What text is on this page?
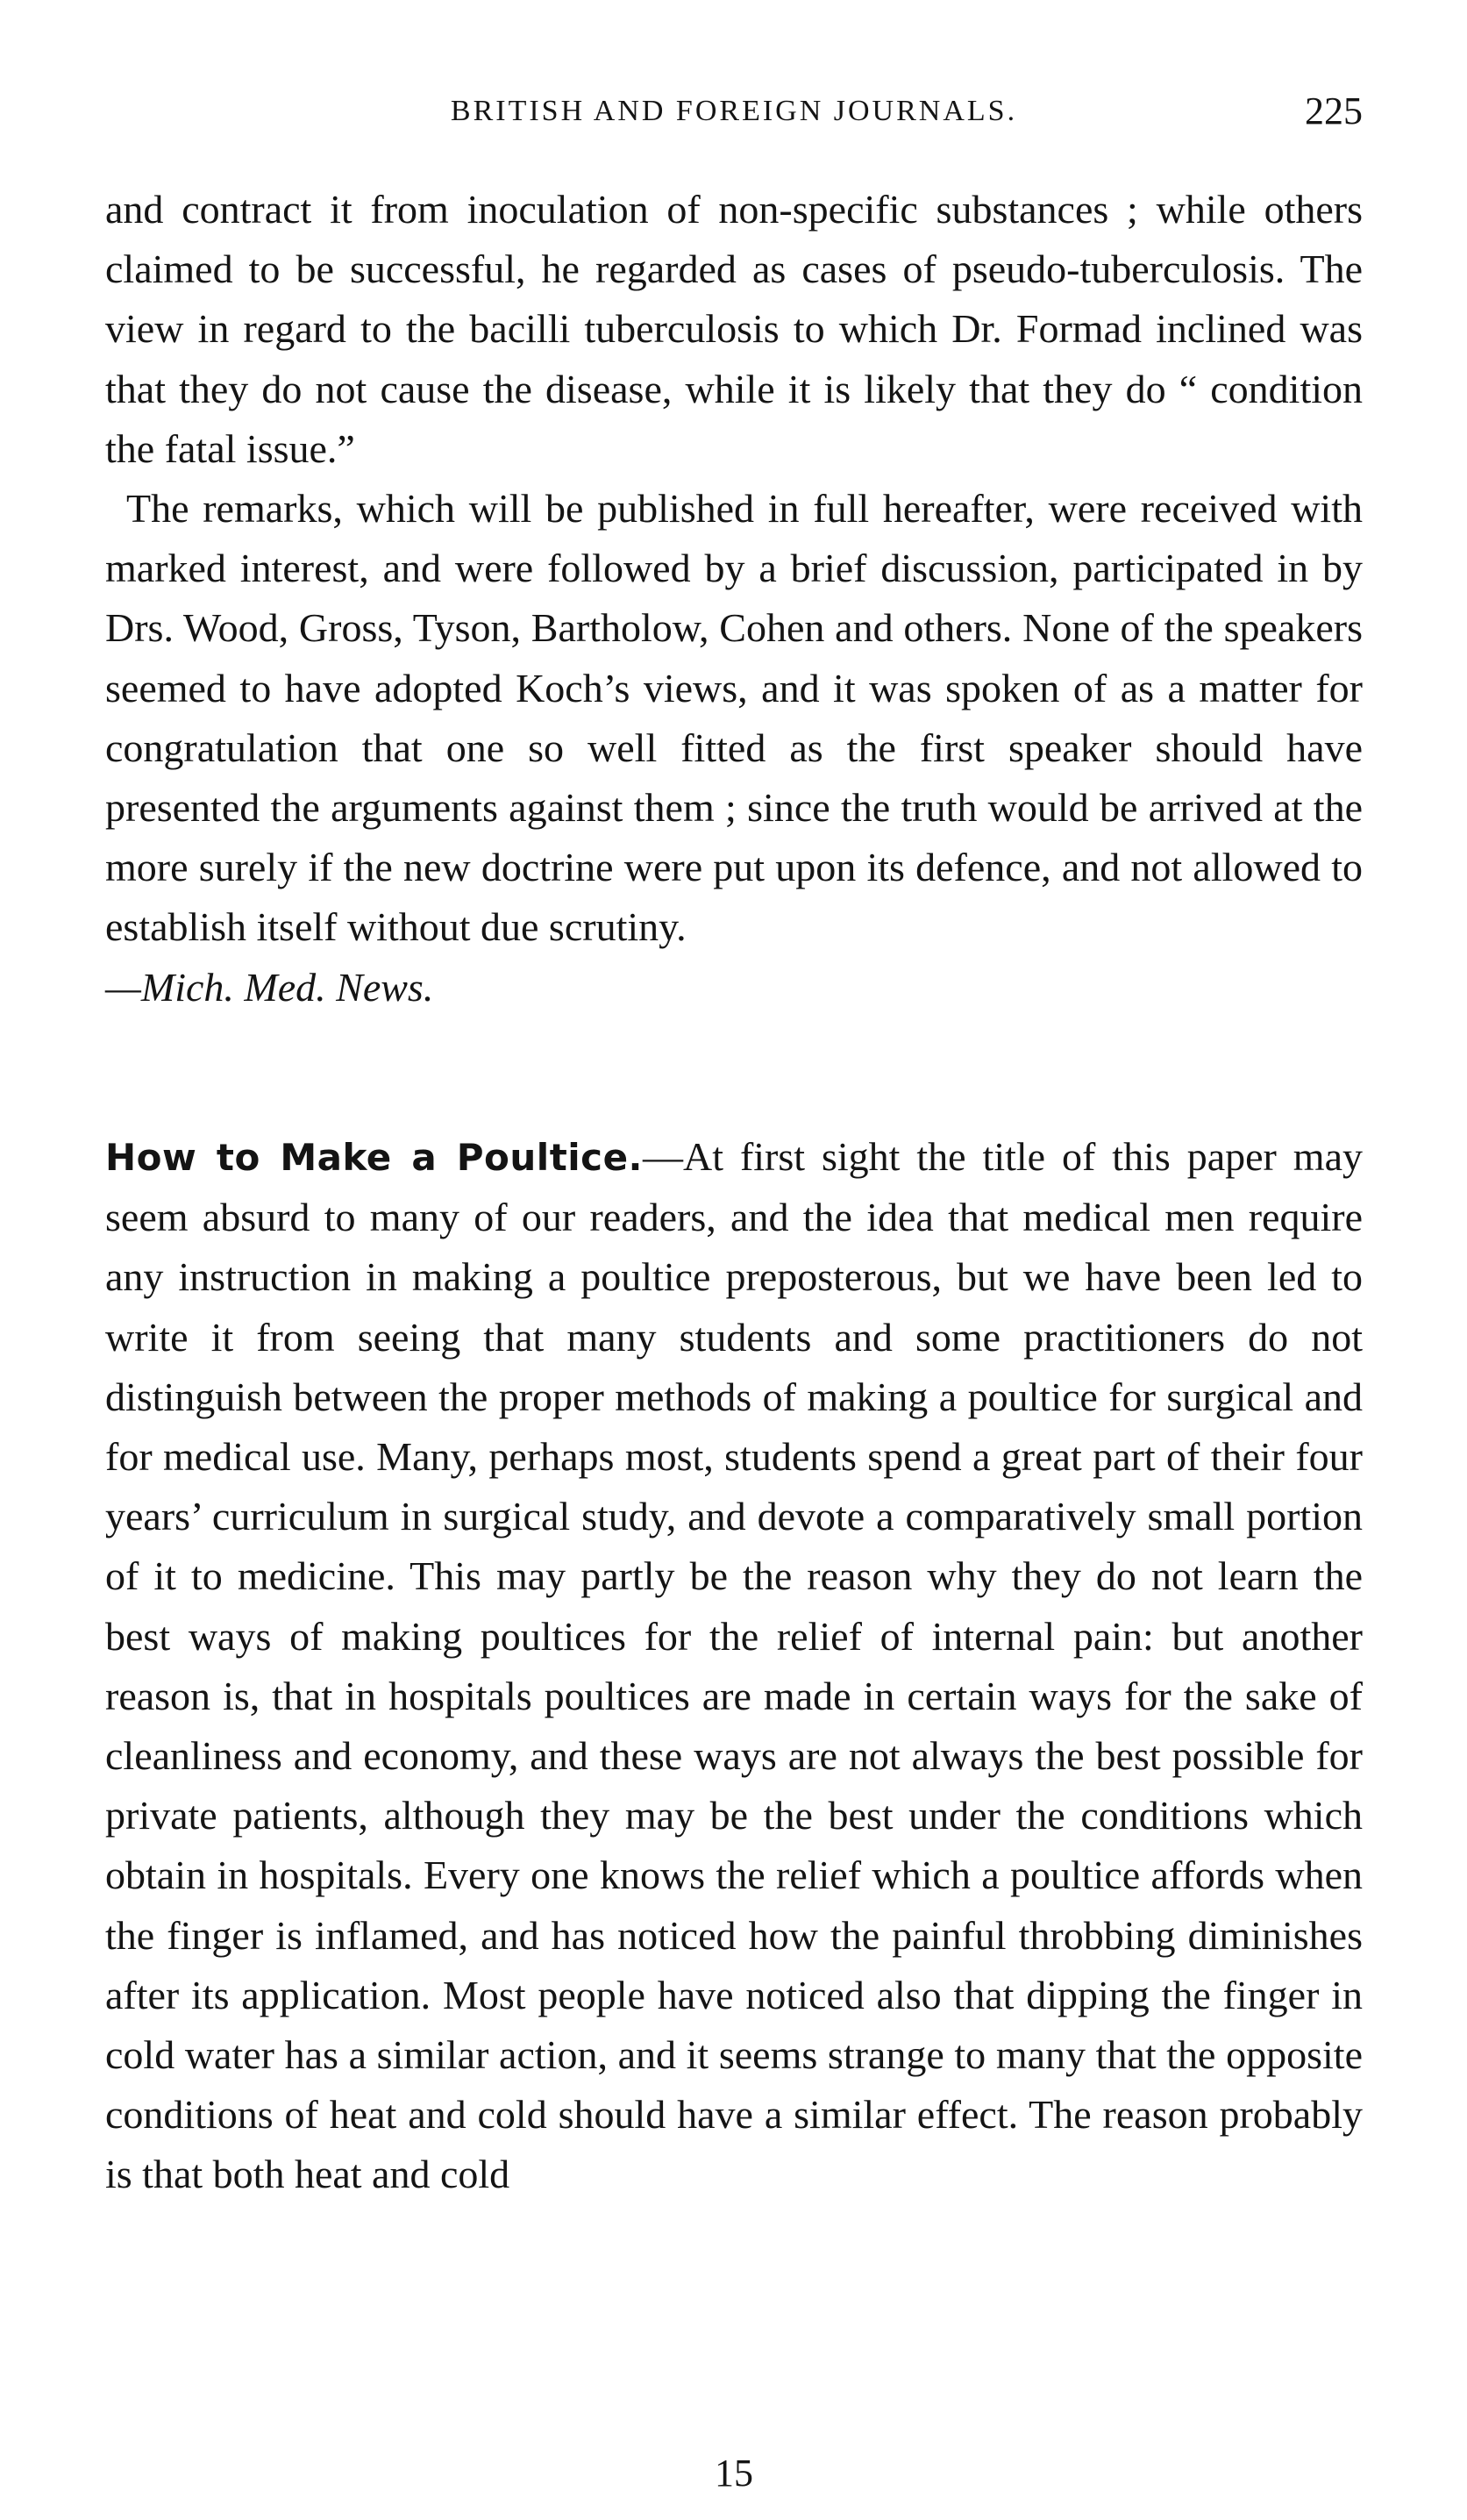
BRITISH AND FOREIGN JOURNALS.	225

and contract it from inoculation of non-specific substances ; while others claimed to be successful, he regarded as cases of pseudo-tuberculosis. The view in regard to the bacilli tuberculosis to which Dr. Formad inclined was that they do not cause the disease, while it is likely that they do “ condition the fatal issue.”

The remarks, which will be published in full hereafter, were received with marked interest, and were followed by a brief discussion, participated in by Drs. Wood, Gross, Tyson, Bartholow, Cohen and others. None of the speakers seemed to have adopted Koch’s views, and it was spoken of as a matter for congratulation that one so well fitted as the first speaker should have presented the arguments against them ; since the truth would be arrived at the more surely if the new doctrine were put upon its defence, and not allowed to establish itself without due scrutiny.
—Mich. Med. News.

How to Make a Poultice.—At first sight the title of this paper may seem absurd to many of our readers, and the idea that medical men require any instruction in making a poultice preposterous, but we have been led to write it from seeing that many students and some practitioners do not distinguish between the proper methods of making a poultice for surgical and for medical use. Many, perhaps most, students spend a great part of their four years’ curriculum in surgical study, and devote a comparatively small portion of it to medicine. This may partly be the reason why they do not learn the best ways of making poultices for the relief of internal pain: but another reason is, that in hospitals poultices are made in certain ways for the sake of cleanliness and economy, and these ways are not always the best possible for private patients, although they may be the best under the conditions which obtain in hospitals. Every one knows the relief which a poultice affords when the finger is inflamed, and has noticed how the painful throbbing diminishes after its application. Most people have noticed also that dipping the finger in cold water has a similar action, and it seems strange to many that the opposite conditions of heat and cold should have a similar effect. The reason probably is that both heat and cold

15
